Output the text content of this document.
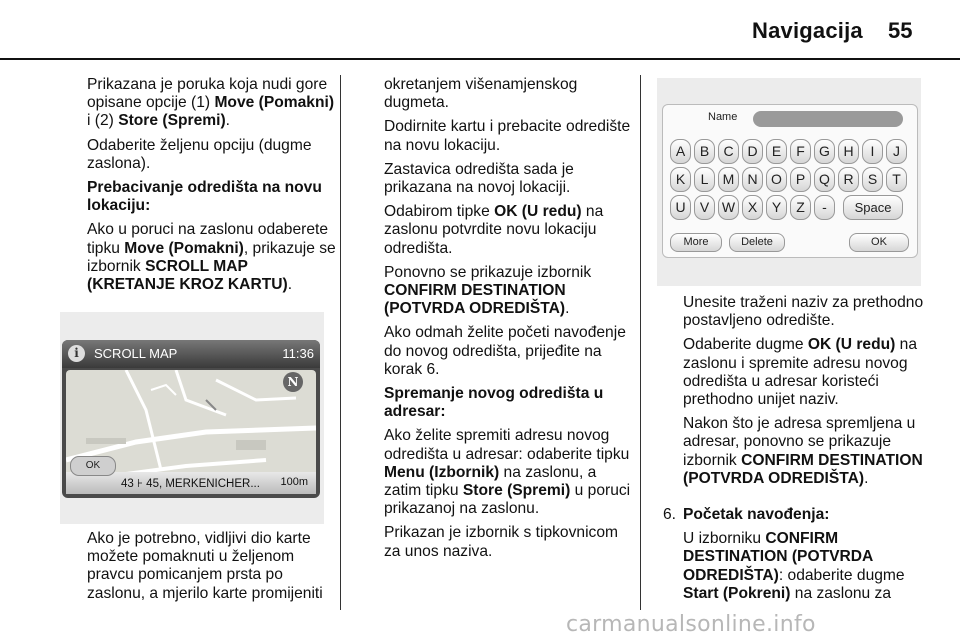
Navigacija 55

Prikazana je poruka koja nudi gore opisane opcije (1) Move (Pomakni) i (2) Store (Spremi).

Odaberite željenu opciju (dugme zaslona).

Prebacivanje odredišta na novu lokaciju:

Ako u poruci na zaslonu odaberete tipku Move (Pomakni), prikazuje se izbornik SCROLL MAP (KRETANJE KROZ KARTU).

i	SCROLL MAP	11:36
43 ⊦ 45, MERKENICHER... 100m
OK
N

Ako je potrebno, vidljivi dio karte možete pomaknuti u željenom pravcu pomicanjem prsta po zaslonu, a mjerilo karte promijeniti

okretanjem višenamjenskog dugmeta.

Dodirnite kartu i prebacite odredište na novu lokaciju.

Zastavica odredišta sada je prikazana na novoj lokaciji.

Odabirom tipke OK (U redu) na zaslonu potvrdite novu lokaciju odredišta.

Ponovno se prikazuje izbornik CONFIRM DESTINATION (POTVRDA ODREDIŠTA).

Ako odmah želite početi navođenje do novog odredišta, prijeđite na korak 6.

Spremanje novog odredišta u adresar:

Ako želite spremiti adresu novog odredišta u adresar: odaberite tipku Menu (Izbornik) na zaslonu, a zatim tipku Store (Spremi) u poruci prikazanoj na zaslonu.

Prikazan je izbornik s tipkovnicom za unos naziva.

Name
A	B	C D	E	F	G H	I	J
K	L	M N O P Q R	S	T
U	V W X	Y	Z	-	Space
More	Delete	OK

Unesite traženi naziv za prethodno postavljeno odredište.

Odaberite dugme OK (U redu) na zaslonu i spremite adresu novog odredišta u adresar koristeći prethodno unijet naziv.

Nakon što je adresa spremljena u adresar, ponovno se prikazuje izbornik CONFIRM DESTINATION (POTVRDA ODREDIŠTA).

6. Početak navođenja:

U izborniku CONFIRM DESTINATION (POTVRDA ODREDIŠTA): odaberite dugme Start (Pokreni) na zaslonu za

carmanualsonline.info
